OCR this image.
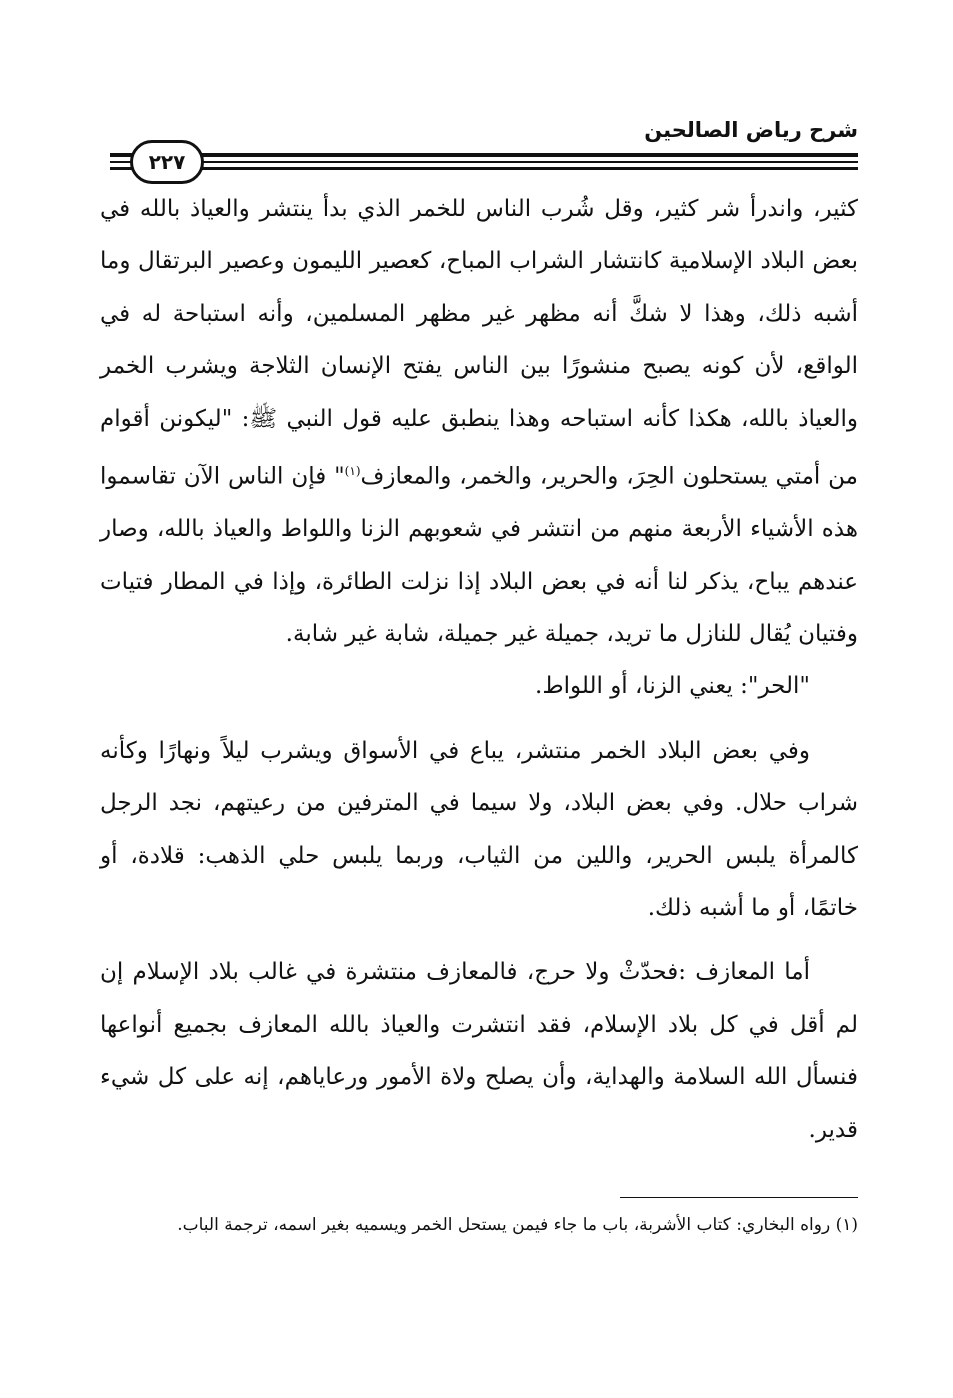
شرح رياض الصالحين
٢٢٧

كثير، واندرأ شر كثير، وقل شُرب الناس للخمر الذي بدأ ينتشر والعياذ بالله في بعض البلاد الإسلامية كانتشار الشراب المباح، كعصير الليمون وعصير البرتقال وما أشبه ذلك، وهذا لا شكَّ أنه مظهر غير مظهر المسلمين، وأنه استباحة له في الواقع، لأن كونه يصبح منشورًا بين الناس يفتح الإنسان الثلاجة ويشرب الخمر والعياذ بالله، هكذا كأنه استباحه وهذا ينطبق عليه قول النبي ﷺ: "ليكونن أقوام من أمتي يستحلون الحِرَ، والحرير، والخمر، والمعازف$^{(١)}$" فإن الناس الآن تقاسموا هذه الأشياء الأربعة منهم من انتشر في شعوبهم الزنا واللواط والعياذ بالله، وصار عندهم يباح، يذكر لنا أنه في بعض البلاد إذا نزلت الطائرة، وإذا في المطار فتيات وفتيان يُقال للنازل ما تريد، جميلة غير جميلة، شابة غير شابة.

"الحر": يعني الزنا، أو اللواط.

وفي بعض البلاد الخمر منتشر، يباع في الأسواق ويشرب ليلاً ونهارًا وكأنه شراب حلال. وفي بعض البلاد، ولا سيما في المترفين من رعيتهم، نجد الرجل كالمرأة يلبس الحرير، واللين من الثياب، وربما يلبس حلي الذهب: قلادة، أو خاتمًا، أو ما أشبه ذلك.

أما المعازف :فحدّثْ ولا حرج، فالمعازف منتشرة في غالب بلاد الإسلام إن لم أقل في كل بلاد الإسلام، فقد انتشرت والعياذ بالله المعازف بجميع أنواعها فنسأل الله السلامة والهداية، وأن يصلح ولاة الأمور ورعاياهم، إنه على كل شيء قدير.

(١) رواه البخاري: كتاب الأشربة، باب ما جاء فيمن يستحل الخمر ويسميه بغير اسمه، ترجمة الباب.
